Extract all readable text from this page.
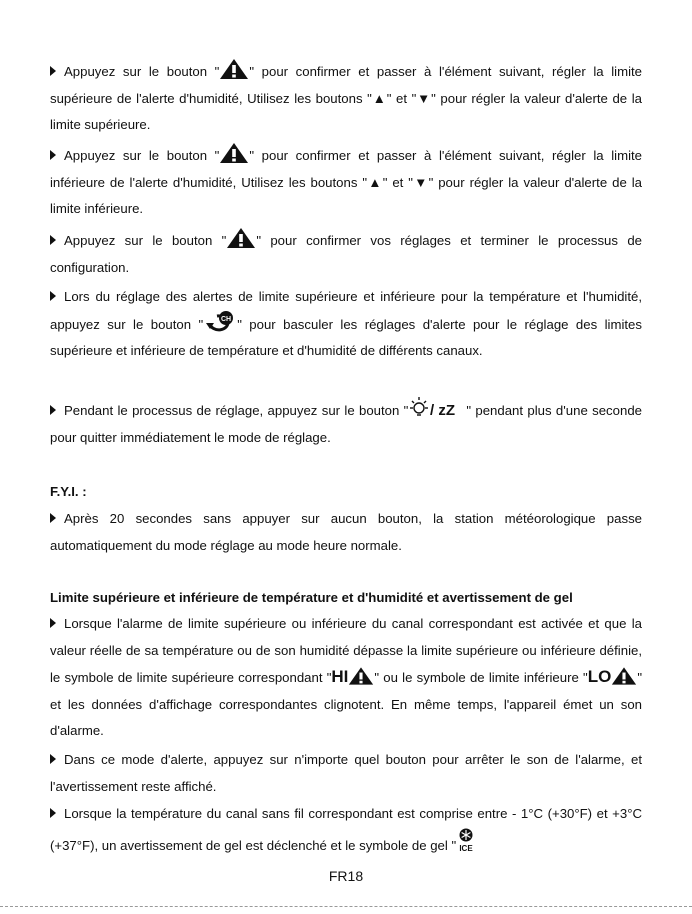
Appuyez sur le bouton " " pour confirmer et passer à l'élément suivant, régler la limite supérieure de l'alerte d'humidité, Utilisez les boutons "▲" et "▼" pour régler la valeur d'alerte de la limite supérieure.
Appuyez sur le bouton " " pour confirmer et passer à l'élément suivant, régler la limite inférieure de l'alerte d'humidité, Utilisez les boutons "▲" et "▼" pour régler la valeur d'alerte de la limite inférieure.
Appuyez sur le bouton " " pour confirmer vos réglages et terminer le processus de configuration.
Lors du réglage des alertes de limite supérieure et inférieure pour la température et l'humidité, appuyez sur le bouton "	CH " pour basculer les réglages d'alerte pour le réglage des limites supérieure et inférieure de température et d'humidité de différents canaux.
Pendant le processus de réglage, appuyez sur le bouton " / zZ " pendant plus d'une seconde pour quitter immédiatement le mode de réglage.
F.Y.I. :
Après 20 secondes sans appuyer sur aucun bouton, la station météorologique passe automatiquement du mode réglage au mode heure normale.
Limite supérieure et inférieure de température et d'humidité et avertissement de gel
Lorsque l'alarme de limite supérieure ou inférieure du canal correspondant est activée et que la valeur réelle de sa température ou de son humidité dépasse la limite supérieure ou inférieure définie, le symbole de limite supérieure correspondant "HI " ou le symbole de limite inférieure "LO " et les données d'affichage correspondantes clignotent. En même temps, l'appareil émet un son d'alarme.
Dans ce mode d'alerte, appuyez sur n'importe quel bouton pour arrêter le son de l'alarme, et l'avertissement reste affiché.
Lorsque la température du canal sans fil correspondant est comprise entre - 1°C (+30°F) et +3°C (+37°F), un avertissement de gel est déclenché et le symbole de gel " ICE
FR18
